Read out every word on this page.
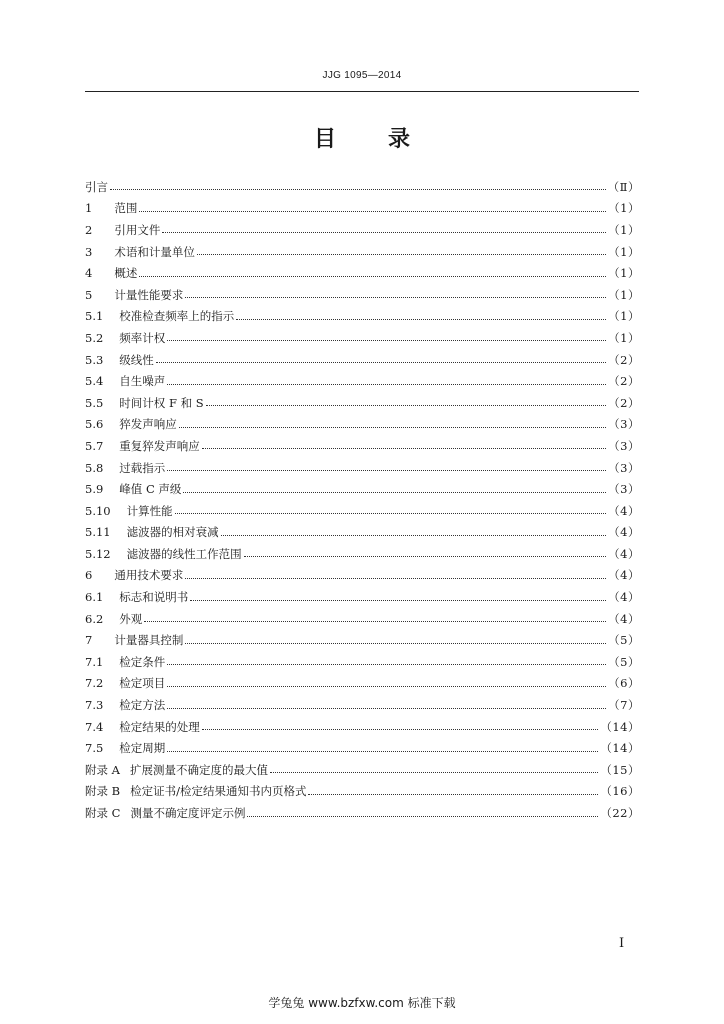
JJG 1095—2014
目 录
引言	（Ⅱ）
1 范围	（1）
2 引用文件	（1）
3 术语和计量单位	（1）
4 概述	（1）
5 计量性能要求	（1）
5.1 校准检查频率上的指示	（1）
5.2 频率计权	（1）
5.3 级线性	（2）
5.4 自生噪声	（2）
5.5 时间计权 F 和 S	（2）
5.6 猝发声响应	（3）
5.7 重复猝发声响应	（3）
5.8 过载指示	（3）
5.9 峰值 C 声级	（3）
5.10 计算性能	（4）
5.11 滤波器的相对衰减	（4）
5.12 滤波器的线性工作范围	（4）
6 通用技术要求	（4）
6.1 标志和说明书	（4）
6.2 外观	（4）
7 计量器具控制	（5）
7.1 检定条件	（5）
7.2 检定项目	（6）
7.3 检定方法	（7）
7.4 检定结果的处理	（14）
7.5 检定周期	（14）
附录 A 扩展测量不确定度的最大值	（15）
附录 B 检定证书/检定结果通知书内页格式	（16）
附录 C 测量不确定度评定示例	（22）
I
学兔兔 www.bzfxw.com 标准下载
